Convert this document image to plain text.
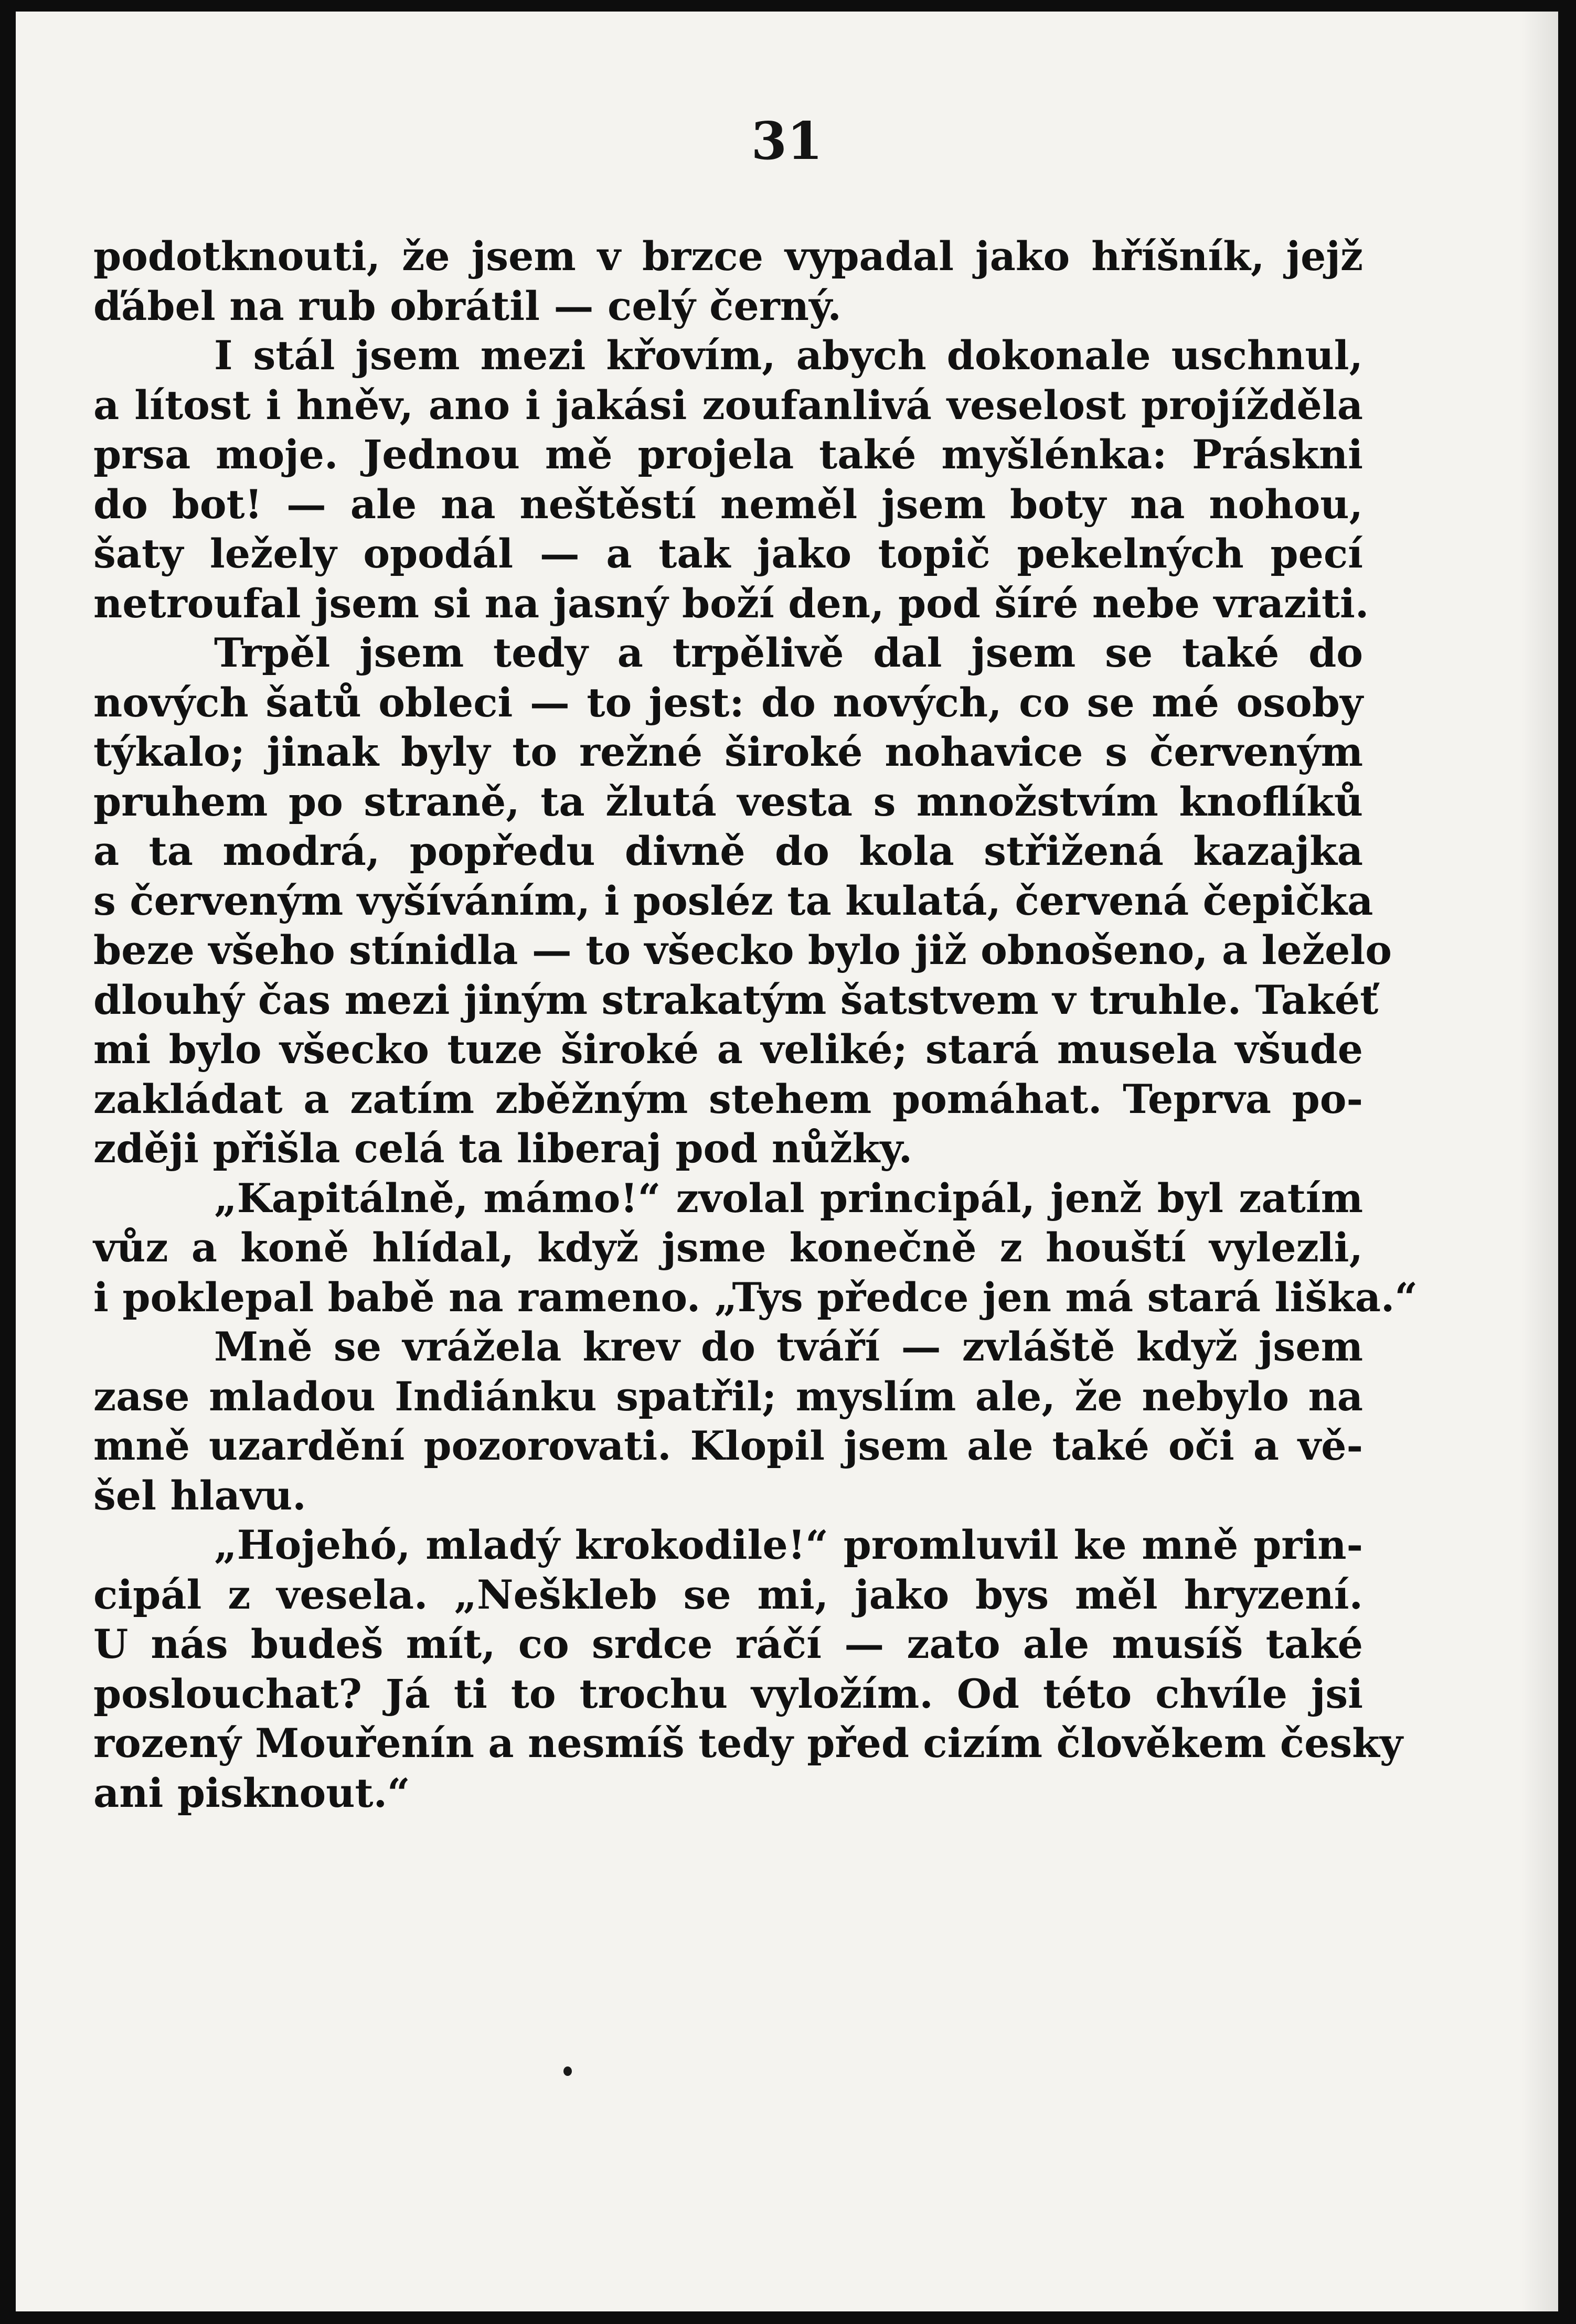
31
podotknouti, že jsem v brzce vypadal jako hříšník, jejž
ďábel na rub obrátil — celý černý.
I stál jsem mezi křovím, abych dokonale uschnul,
a lítost i hněv, ano i jakási zoufanlivá veselost projížděla
prsa moje. Jednou mě projela také myšlénka: Práskni
do bot! — ale na neštěstí neměl jsem boty na nohou,
šaty ležely opodál — a tak jako topič pekelných pecí
netroufal jsem si na jasný boží den, pod šíré nebe vraziti.
Trpěl jsem tedy a trpělivě dal jsem se také do
nových šatů obleci — to jest: do nových, co se mé osoby
týkalo; jinak byly to režné široké nohavice s červeným
pruhem po straně, ta žlutá vesta s množstvím knoflíků
a ta modrá, popředu divně do kola střižená kazajka
s červeným vyšíváním, i posléz ta kulatá, červená čepička
beze všeho stínidla — to všecko bylo již obnošeno, a leželo
dlouhý čas mezi jiným strakatým šatstvem v truhle. Takéť
mi bylo všecko tuze široké a veliké; stará musela všude
zakládat a zatím zběžným stehem pomáhat. Teprva po-
zději přišla celá ta liberaj pod nůžky.
„Kapitálně, mámo!“ zvolal principál, jenž byl zatím
vůz a koně hlídal, když jsme konečně z houští vylezli,
i poklepal babě na rameno. „Tys předce jen má stará liška.“
Mně se vrážela krev do tváří — zvláště když jsem
zase mladou Indiánku spatřil; myslím ale, že nebylo na
mně uzardění pozorovati. Klopil jsem ale také oči a vě-
šel hlavu.
„Hojehó, mladý krokodile!“ promluvil ke mně prin-
cipál z vesela. „Nešklеb se mi, jako bys měl hryzení.
U nás budeš mít, co srdce ráčí — zato ale musíš také
poslouchat? Já ti to trochu vyložím. Od této chvíle jsi
rozený Mouřenín a nesmíš tedy před cizím člověkem česky
ani pisknout.“
